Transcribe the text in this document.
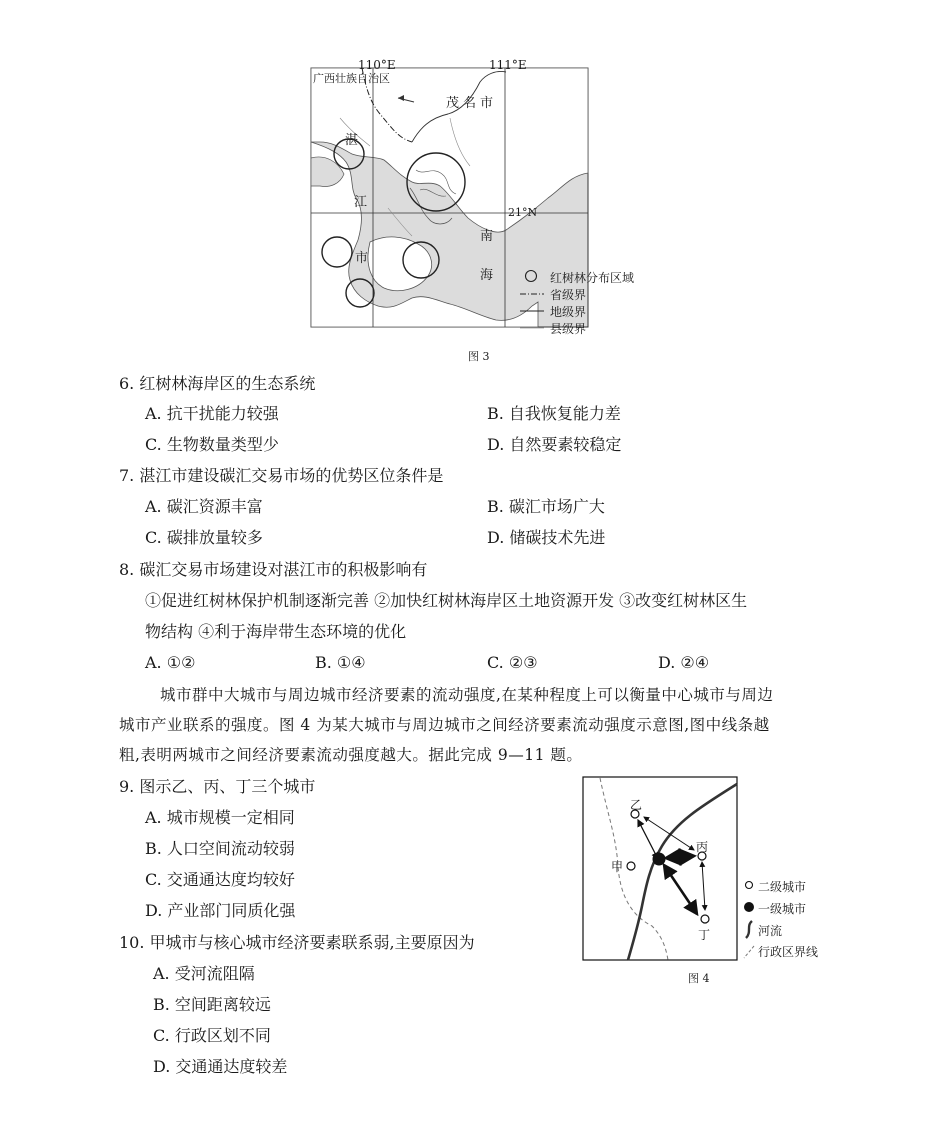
110°E	111°E
广西壮族自治区
茂名市
湛
江
市
21°N
南
海	红树林分布区域
省级界
地级界
县级界
图 3
6. 红树林海岸区的生态系统
A. 抗干扰能力较强	B. 自我恢复能力差
C. 生物数量类型少	D. 自然要素较稳定
7. 湛江市建设碳汇交易市场的优势区位条件是
A. 碳汇资源丰富	B. 碳汇市场广大
C. 碳排放量较多	D. 储碳技术先进
8. 碳汇交易市场建设对湛江市的积极影响有
①促进红树林保护机制逐渐完善 ②加快红树林海岸区土地资源开发 ③改变红树林区生
物结构 ④利于海岸带生态环境的优化
A. ①②	B. ①④	C. ②③	D. ②④
城市群中大城市与周边城市经济要素的流动强度,在某种程度上可以衡量中心城市与周边
城市产业联系的强度。图 4 为某大城市与周边城市之间经济要素流动强度示意图,图中线条越
粗,表明两城市之间经济要素流动强度越大。据此完成 9—11 题。
9. 图示乙、丙、丁三个城市
A. 城市规模一定相同
B. 人口空间流动较弱
C. 交通通达度均较好
D. 产业部门同质化强
10. 甲城市与核心城市经济要素联系弱,主要原因为
A. 受河流阻隔
B. 空间距离较远
C. 行政区划不同
D. 交通通达度较差
乙
丙
甲
丁
二级城市
一级城市
河流
行政区界线
图 4
